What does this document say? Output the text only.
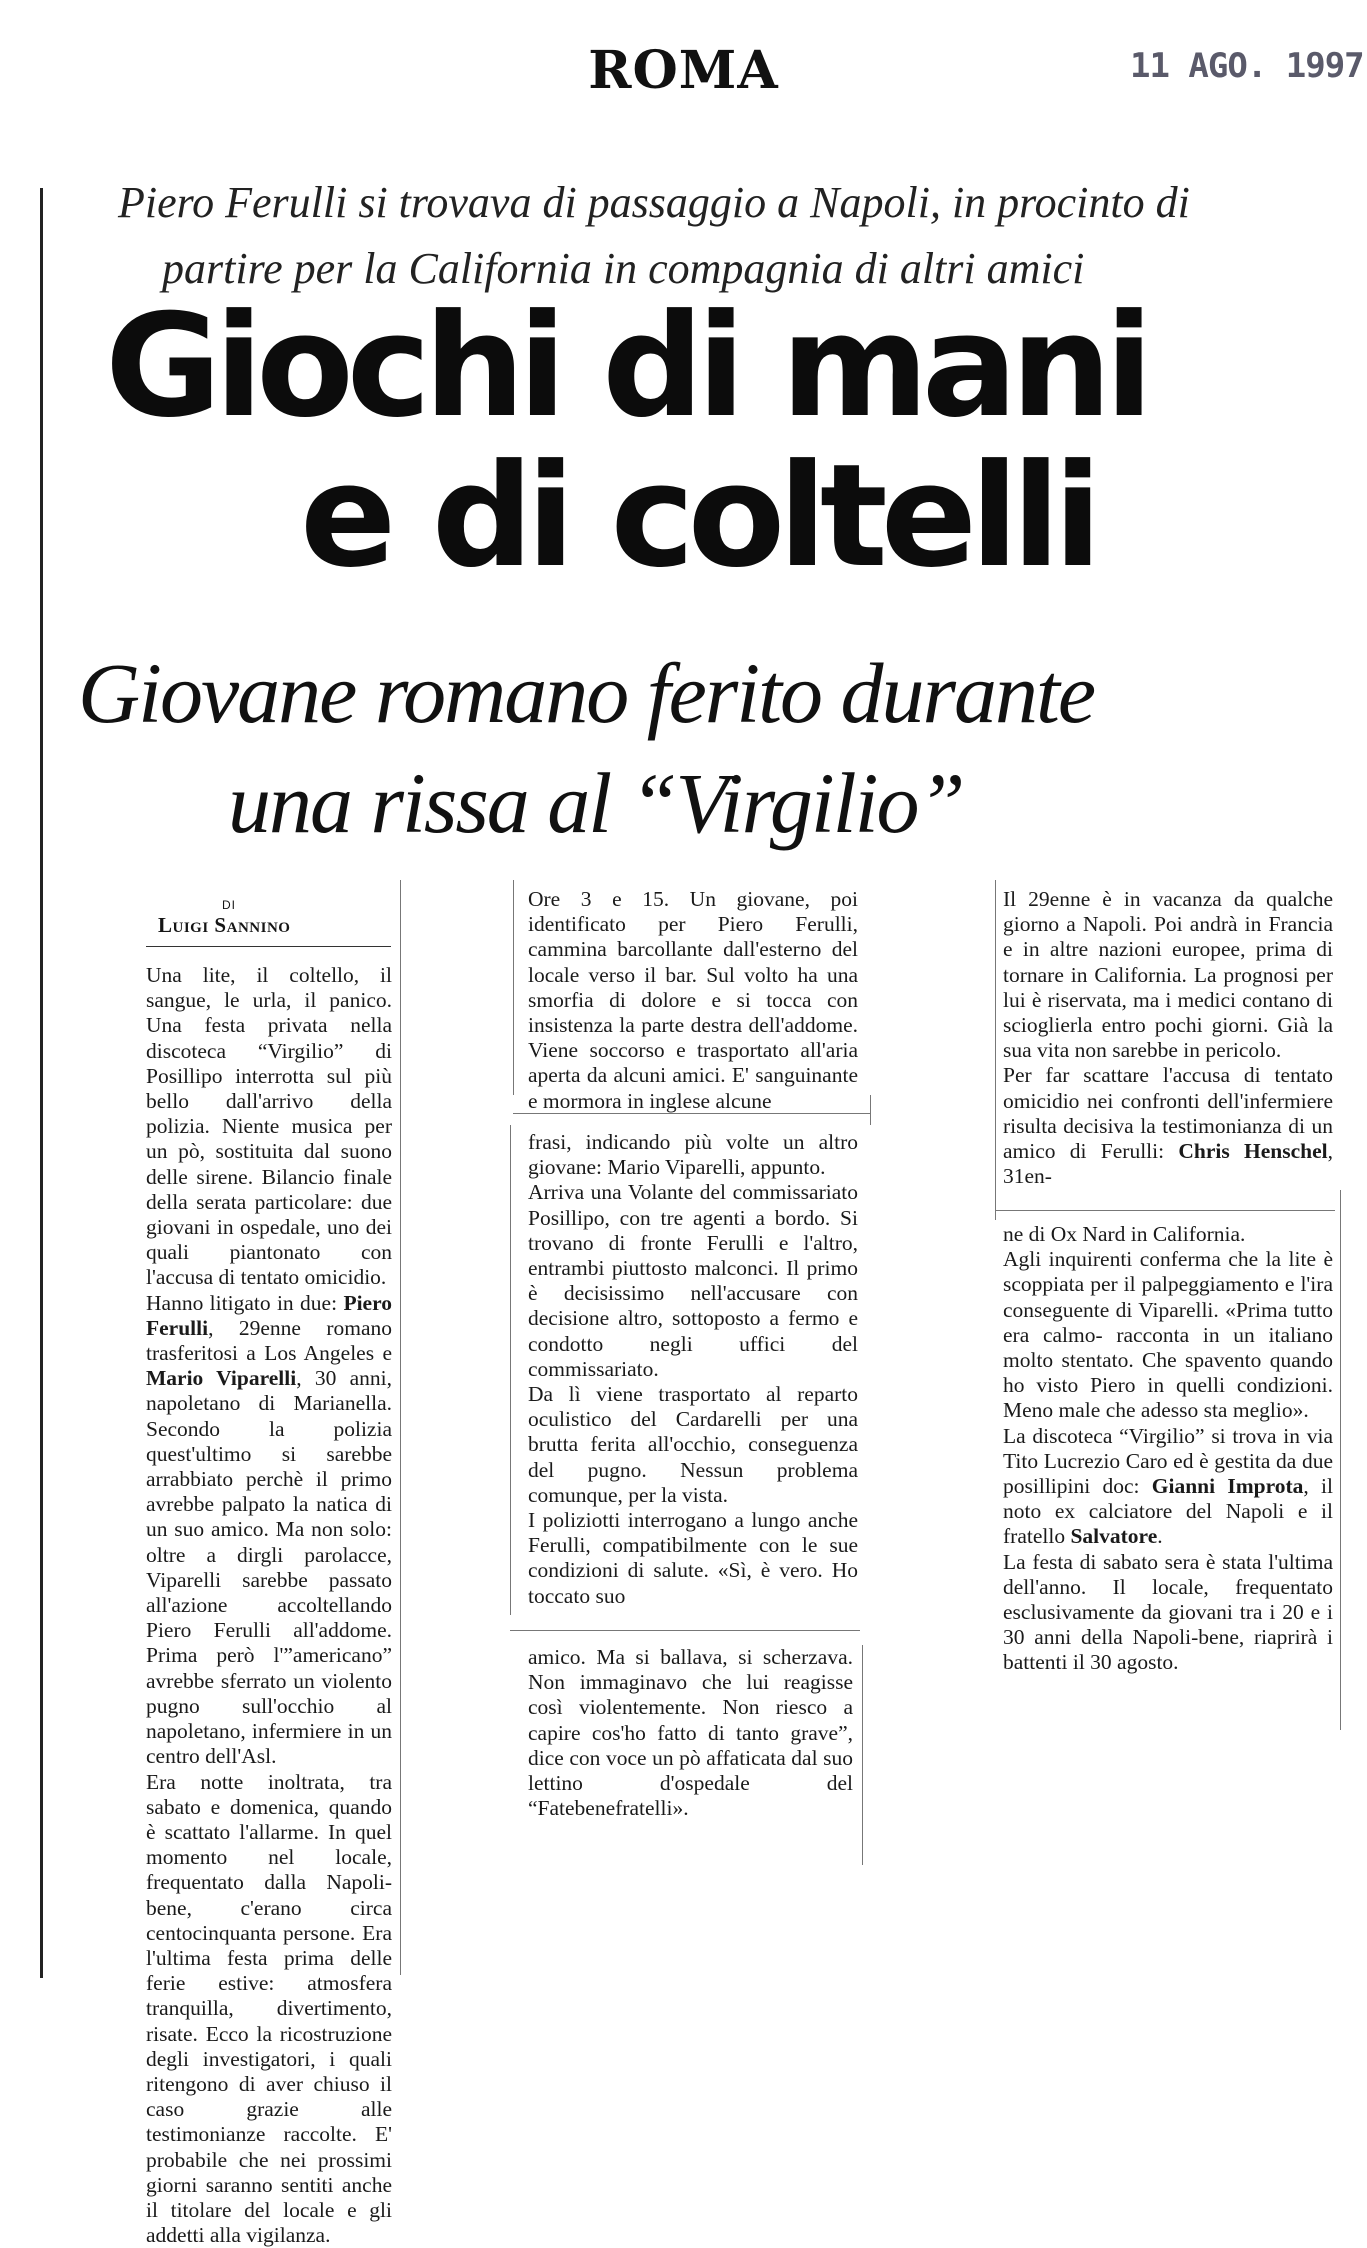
ROMA	11 AGO. 1997
Piero Ferulli si trovava di passaggio a Napoli, in procinto di
partire per la California in compagnia di altri amici
Giochi di mani
e di coltelli
Giovane romano ferito durante
una rissa al “Virgilio”
DI
Luigi Sannino

Una lite, il coltello, il sangue, le urla, il panico. Una festa privata nella discoteca “Virgilio” di Posillipo interrotta sul più bello dall'arrivo della polizia. Niente musica per un pò, sostituita dal suono delle sirene. Bilancio finale della serata particolare: due giovani in ospedale, uno dei quali piantonato con l'accusa di tentato omicidio.

Hanno litigato in due: Piero Ferulli, 29enne romano trasferitosi a Los Angeles e Mario Viparelli, 30 anni, napoletano di Marianella. Secondo la polizia quest'ultimo si sarebbe arrabbiato perchè il primo avrebbe palpato la natica di un suo amico. Ma non solo: oltre a dirgli parolacce, Viparelli sarebbe passato all'azione accoltellando Piero Ferulli all'addome. Prima però l'”americano” avrebbe sferrato un violento pugno sull'occhio al napoletano, infermiere in un centro dell'Asl.

Era notte inoltrata, tra sabato e domenica, quando è scattato l'allarme. In quel momento nel locale, frequentato dalla Napoli-bene, c'erano circa centocinquanta persone. Era l'ultima festa prima delle ferie estive: atmosfera tranquilla, divertimento, risate. Ecco la ricostruzione degli investigatori, i quali ritengono di aver chiuso il caso grazie alle testimonianze raccolte. E' probabile che nei prossimi giorni saranno sentiti anche il titolare del locale e gli addetti alla vigilanza.

Ore 3 e 15. Un giovane, poi identificato per Piero Ferulli, cammina barcollante dall'esterno del locale verso il bar. Sul volto ha una smorfia di dolore e si tocca con insistenza la parte destra dell'addome. Viene soccorso e trasportato all'aria aperta da alcuni amici. E' sanguinante e mormora in inglese alcune

frasi, indicando più volte un altro giovane: Mario Viparelli, appunto.

Arriva una Volante del commissariato Posillipo, con tre agenti a bordo. Si trovano di fronte Ferulli e l'altro, entrambi piuttosto malconci. Il primo è decisissimo nell'accusare con decisione altro, sottoposto a fermo e condotto negli uffici del commissariato.

Da lì viene trasportato al reparto oculistico del Cardarelli per una brutta ferita all'occhio, conseguenza del pugno. Nessun problema comunque, per la vista.

I poliziotti interrogano a lungo anche Ferulli, compatibilmente con le sue condizioni di salute. «Sì, è vero. Ho toccato suo

amico. Ma si ballava, si scherzava. Non immaginavo che lui reagisse così violentemente. Non riesco a capire cos'ho fatto di tanto grave”, dice con voce un pò affaticata dal suo lettino d'ospedale del “Fatebenefratelli».

Il 29enne è in vacanza da qualche giorno a Napoli. Poi andrà in Francia e in altre nazioni europee, prima di tornare in California. La prognosi per lui è riservata, ma i medici contano di scioglierla entro pochi giorni. Già la sua vita non sarebbe in pericolo.

Per far scattare l'accusa di tentato omicidio nei confronti dell'infermiere risulta decisiva la testimonianza di un amico di Ferulli: Chris Henschel, 31en-

ne di Ox Nard in California.

Agli inquirenti conferma che la lite è scoppiata per il palpeggiamento e l'ira conseguente di Viparelli. «Prima tutto era calmo- racconta in un italiano molto stentato. Che spavento quando ho visto Piero in quelli condizioni. Meno male che adesso sta meglio».

La discoteca “Virgilio” si trova in via Tito Lucrezio Caro ed è gestita da due posillipini doc: Gianni Improta, il noto ex calciatore del Napoli e il fratello Salvatore.

La festa di sabato sera è stata l'ultima dell'anno. Il locale, frequentato esclusivamente da giovani tra i 20 e i 30 anni della Napoli-bene, riaprirà i battenti il 30 agosto.
